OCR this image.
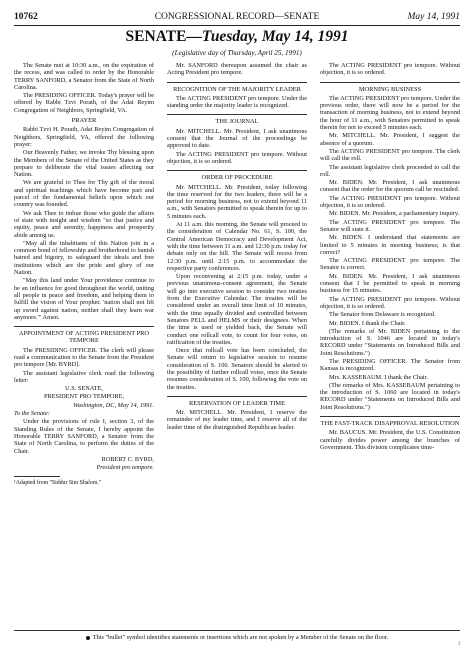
10762	CONGRESSIONAL RECORD—SENATE	May 14, 1991
SENATE—Tuesday, May 14, 1991
(Legislative day of Thursday, April 25, 1991)

The Senate met at 10:30 a.m., on the expiration of the recess, and was called to order by the Honorable TERRY SANFORD, a Senator from the State of North Carolina.

The PRESIDING OFFICER. Today's prayer will be offered by Rabbi Tzvi Porath, of the Adat Reyim Congregation of Neighbors, Springfield, VA.

PRAYER

Rabbi Tzvi H. Porath, Adat Reyim Congregation of Neighbors, Springfield, VA, offered the following prayer:

Our Heavenly Father, we invoke Thy blessing upon the Members of the Senate of the United States as they prepare to deliberate the vital issues affecting our Nation.

We are grateful to Thee for Thy gift of the moral and spiritual teachings which have become part and parcel of the fundamental beliefs upon which our country was founded.

We ask Thee to imbue those who guide the affairs of state with insight and wisdom "so that justice and equity, peace and serenity, happiness and prosperity abide among us.

"May all the inhabitants of this Nation join in a common bond of fellowship and brotherhood to banish hatred and bigotry, to safeguard the ideals and free institutions which are the pride and glory of our Nation.

"May this land under Your providence continue to be an influence for good throughout the world, uniting all people in peace and freedom, and helping them to fulfill the vision of Your prophet: 'nation shall not lift up sword against nation, neither shall they learn war anymore.'" Amen.

APPOINTMENT OF ACTING PRESIDENT PRO TEMPORE

The PRESIDING OFFICER. The clerk will please read a communication to the Senate from the President pro tempore [Mr. BYRD].

The assistant legislative clerk read the following letter:

U.S. SENATE,

PRESIDENT PRO TEMPORE,

Washington, DC, May 14, 1991.

To the Senate:

Under the provisions of rule I, section 3, of the Standing Rules of the Senate, I hereby appoint the Honorable TERRY SANFORD, a Senator from the State of North Carolina, to perform the duties of the Chair.

ROBERT C. BYRD,

President pro tempore.

¹Adapted from "Siddur Sim Shalom."

Mr. SANFORD thereupon assumed the chair as Acting President pro tempore.

RECOGNITION OF THE MAJORITY LEADER

The ACTING PRESIDENT pro tempore. Under the standing order the majority leader is recognized.

THE JOURNAL

Mr. MITCHELL. Mr. President, I ask unanimous consent that the Journal of the proceedings be approved to date.

The ACTING PRESIDENT pro tempore. Without objection, it is so ordered.

ORDER OF PROCEDURE

Mr. MITCHELL. Mr. President, today following the time reserved for the two leaders, there will be a period for morning business, not to extend beyond 11 a.m., with Senators permitted to speak therein for up to 5 minutes each.

At 11 a.m. this morning, the Senate will proceed to the consideration of Calendar No. 61, S. 100, the Central American Democracy and Development Act, with the time between 11 a.m. and 12:30 p.m. today for debate only on the bill. The Senate will recess from 12:30 p.m. until 2:15 p.m. to accommodate the respective party conferences.

Upon reconvening at 2:15 p.m. today, under a previous unanimous-consent agreement, the Senate will go into executive session to consider two treaties from the Executive Calendar. The treaties will be considered under an overall time limit of 10 minutes, with the time equally divided and controlled between Senators PELL and HELMS or their designees. When the time is used or yielded back, the Senate will conduct one rollcall vote, to count for four votes, on ratification of the treaties.

Once that rollcall vote has been concluded, the Senate will return to legislative session to resume consideration of S. 100. Senators should be alerted to the possibility of further rollcall votes, once the Senate resumes consideration of S. 100, following the vote on the treaties.

RESERVATION OF LEADER TIME

Mr. MITCHELL. Mr. President, I reserve the remainder of my leader time, and I reserve all of the leader time of the distinguished Republican leader.

The ACTING PRESIDENT pro tempore. Without objection, it is so ordered.

MORNING BUSINESS

The ACTING PRESIDENT pro tempore. Under the previous order, there will now be a period for the transaction of morning business, not to extend beyond the hour of 11 a.m., with Senators permitted to speak therein for not to exceed 5 minutes each.

Mr. MITCHELL. Mr. President, I suggest the absence of a quorum.

The ACTING PRESIDENT pro tempore. The clerk will call the roll.

The assistant legislative clerk proceeded to call the roll.

Mr. BIDEN. Mr. President, I ask unanimous consent that the order for the quorum call be rescinded.

The ACTING PRESIDENT pro tempore. Without objection, it is so ordered.

Mr. BIDEN. Mr. President, a parliamentary inquiry.

The ACTING PRESIDENT pro tempore. The Senator will state it.

Mr. BIDEN. I understand that statements are limited to 5 minutes in morning business; is that correct?

The ACTING PRESIDENT pro tempore. The Senator is correct.

Mr. BIDEN. Mr. President, I ask unanimous consent that I be permitted to speak in morning business for 15 minutes.

The ACTING PRESIDENT pro tempore. Without objection, it is so ordered.

The Senator from Delaware is recognized.

Mr. BIDEN. I thank the Chair.

(The remarks of Mr. BIDEN pertaining to the introduction of S. 1046 are located in today's RECORD under "Statements on Introduced Bills and Joint Resolutions.")

The PRESIDING OFFICER. The Senator from Kansas is recognized.

Mrs. KASSEBAUM. I thank the Chair.

(The remarks of Mrs. KASSEBAUM pertaining to the introduction of S. 1060 are located in today's RECORD under "Statements on Introduced Bills and Joint Resolutions.")

THE FAST-TRACK DISAPPROVAL RESOLUTION

Mr. BAUCUS. Mr. President, the U.S. Constitution carefully divides power among the branches of Government. This division complicates time-

This "bullet" symbol identifies statements or insertions which are not spoken by a Member of the Senate on the floor.
3
